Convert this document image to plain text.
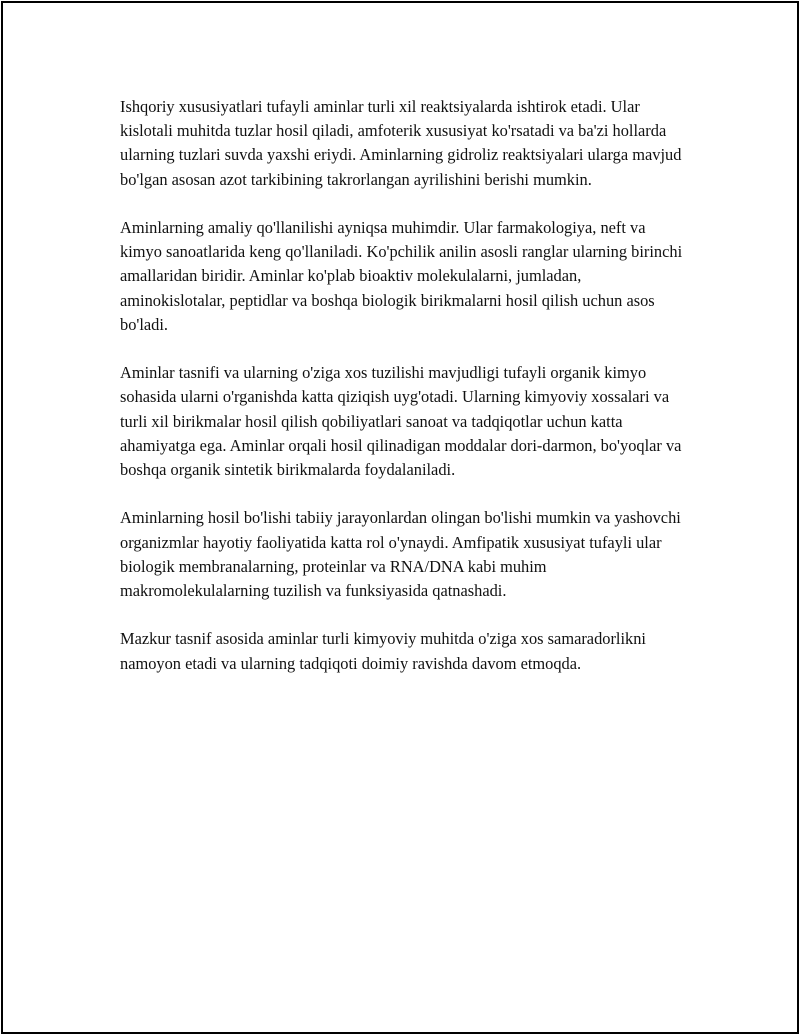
Ishqoriy xususiyatlari tufayli aminlar turli xil reaktsiyalarda ishtirok etadi. Ular kislotali muhitda tuzlar hosil qiladi, amfoterik xususiyat ko'rsatadi va ba'zi hollarda ularning tuzlari suvda yaxshi eriydi. Aminlarning gidroliz reaktsiyalari ularga mavjud bo'lgan asosan azot tarkibining takrorlangan ayrilishini berishi mumkin.

Aminlarning amaliy qo'llanilishi ayniqsa muhimdir. Ular farmakologiya, neft va kimyo sanoatlarida keng qo'llaniladi. Ko'pchilik anilin asosli ranglar ularning birinchi amallaridan biridir. Aminlar ko'plab bioaktiv molekulalarni, jumladan, aminokislotalar, peptidlar va boshqa biologik birikmalarni hosil qilish uchun asos bo'ladi.

Aminlar tasnifi va ularning o'ziga xos tuzilishi mavjudligi tufayli organik kimyo sohasida ularni o'rganishda katta qiziqish uyg'otadi. Ularning kimyoviy xossalari va turli xil birikmalar hosil qilish qobiliyatlari sanoat va tadqiqotlar uchun katta ahamiyatga ega. Aminlar orqali hosil qilinadigan moddalar dori-darmon, bo'yoqlar va boshqa organik sintetik birikmalarda foydalaniladi.

Aminlarning hosil bo'lishi tabiiy jarayonlardan olingan bo'lishi mumkin va yashovchi organizmlar hayotiy faoliyatida katta rol o'ynaydi. Amfipatik xususiyat tufayli ular biologik membranalarning, proteinlar va RNA/DNA kabi muhim makromolekulalarning tuzilish va funksiyasida qatnashadi.

Mazkur tasnif asosida aminlar turli kimyoviy muhitda o'ziga xos samaradorlikni namoyon etadi va ularning tadqiqoti doimiy ravishda davom etmoqda.
